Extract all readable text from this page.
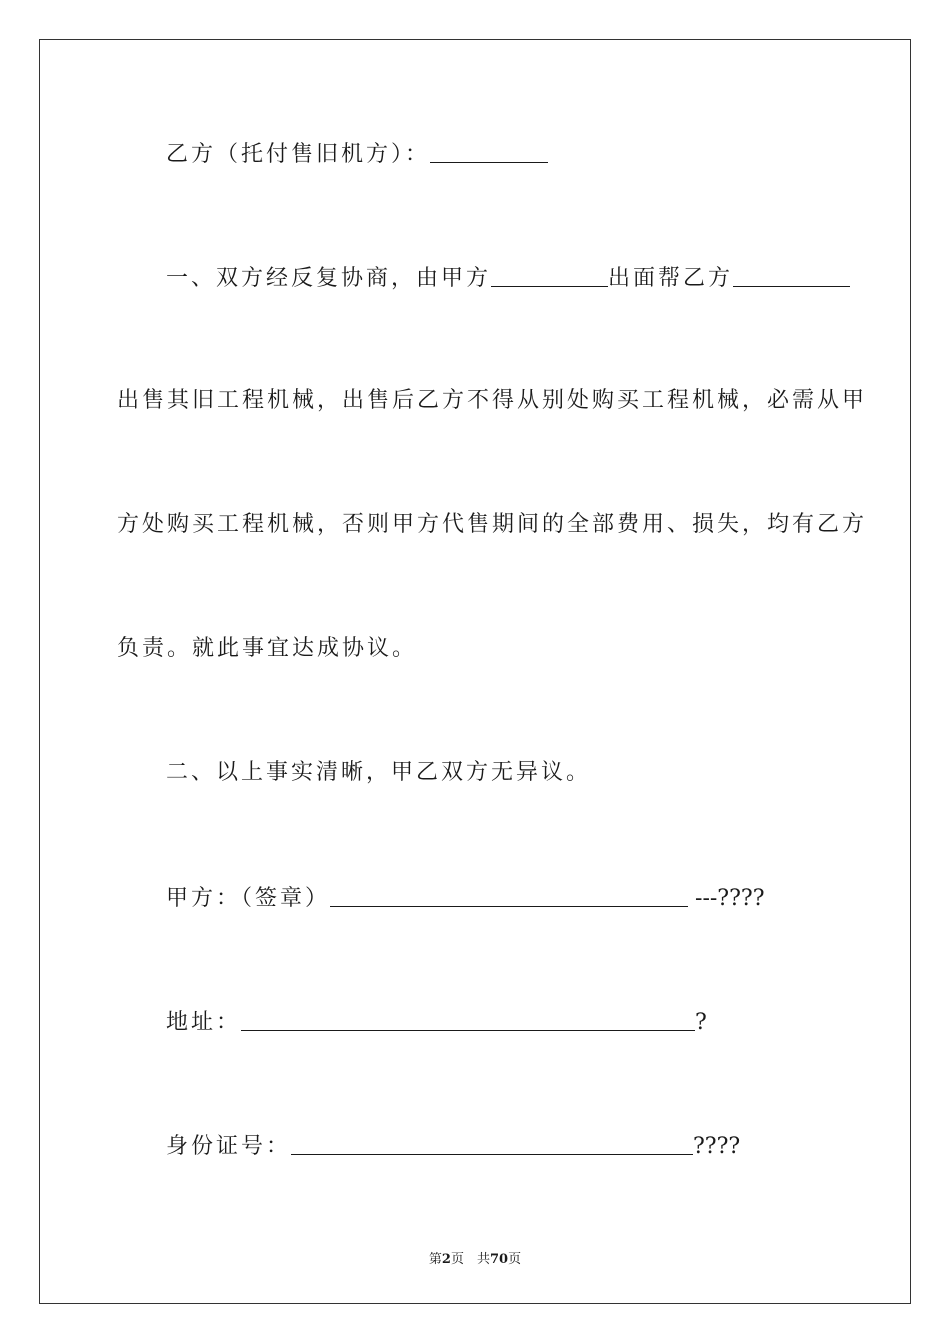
乙方（托付售旧机方）：
一、双方经反复协商，由甲方	出面帮乙方
出售其旧工程机械，出售后乙方不得从别处购买工程机械，必需从甲
方处购买工程机械，否则甲方代售期间的全部费用、损失，均有乙方
负责。就此事宜达成协议。
二、以上事实清晰，甲乙双方无异议。
甲方：（签章）	---????
地址：	?
身份证号：	????
第2页　共70页
